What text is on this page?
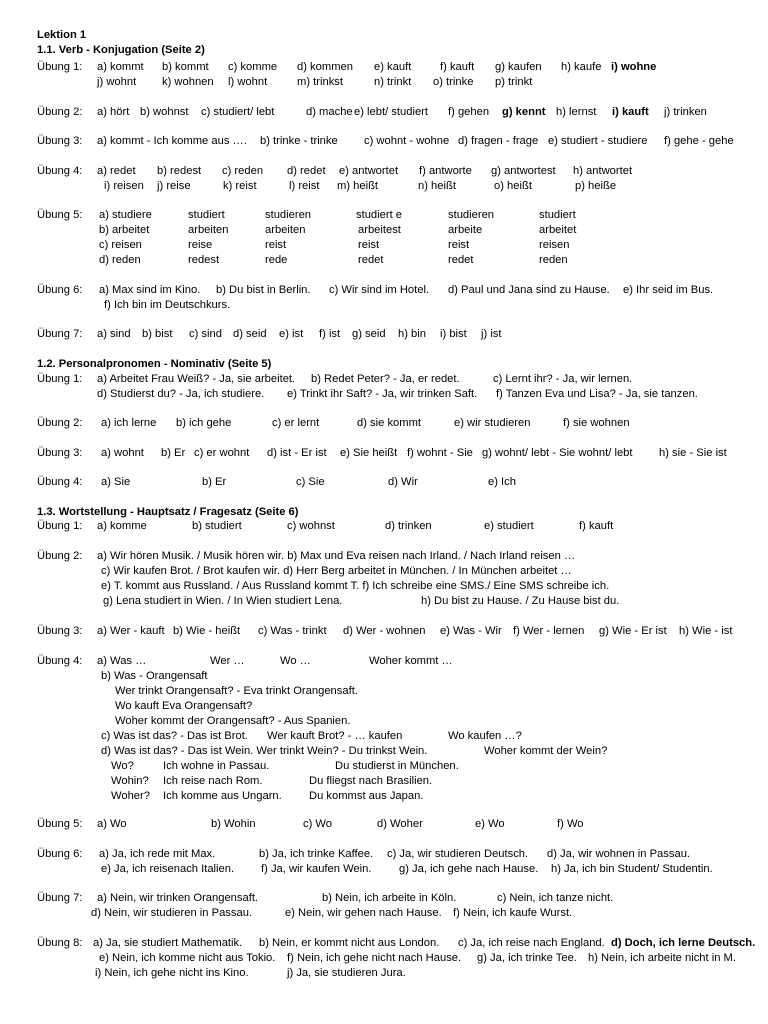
Lektion 1
1.1. Verb - Konjugation (Seite 2)
Übung 1: a) kommt b) kommt c) komme d) kommen e) kauft	f) kauft g) kaufen h) kaufe i) wohne
j) wohnt k) wohnen l) wohnt	m) trinkst	n) trinkt o) trinke p) trinkt
Übung 2: a) hört b) wohnst c) studiert/ lebt	d) mache e) lebt/ studiert f) gehen g) kennt h) lernst i) kauft j) trinken
Übung 3: a) kommt - Ich komme aus …. b) trinke - trinke c) wohnt - wohne d) fragen - frage e) studiert - studiere f) gehe - gehe
Übung 4: a) redet b) redest c) reden d) redet e) antwortet f) antworte g) antwortest h) antwortet
i) reisen j) reise	k) reist	l) reist m) heißt	n) heißt	o) heißt	p) heiße
Übung 5: a) studiere	studiert	studieren	studiert e	studieren	studiert
b) arbeitet	arbeiten	arbeiten	arbeitest	arbeite	arbeitet
c) reisen	reise	reist	reist	reist	reisen
d) reden	redest	rede	redet	redet	reden
Übung 6: a) Max sind im Kino. b) Du bist in Berlin. c) Wir sind im Hotel. d) Paul und Jana sind zu Hause. e) Ihr seid im Bus.
f) Ich bin im Deutschkurs.
Übung 7: a) sind b) bist c) sind d) seid e) ist f) ist g) seid h) bin i) bist j) ist
1.2. Personalpronomen - Nominativ (Seite 5)
Übung 1: a) Arbeitet Frau Weiß? - Ja, sie arbeitet. b) Redet Peter? - Ja, er redet.	c) Lernt ihr? - Ja, wir lernen.
d) Studierst du? - Ja, ich studiere. e) Trinkt ihr Saft? - Ja, wir trinken Saft. f) Tanzen Eva und Lisa? - Ja, sie tanzen.
Übung 2: a) ich lerne b) ich gehe	c) er lernt	d) sie kommt	e) wir studieren	f) sie wohnen
Übung 3: a) wohnt b) Er c) er wohnt d) ist - Er ist e) Sie heißt f) wohnt - Sie g) wohnt/ lebt - Sie wohnt/ lebt h) sie - Sie ist
Übung 4: a) Sie	b) Er	c) Sie	d) Wir	e) Ich
1.3. Wortstellung - Hauptsatz / Fragesatz (Seite 6)
Übung 1: a) komme	b) studiert	c) wohnst	d) trinken	e) studiert	f) kauft
Übung 2: a) Wir hören Musik. / Musik hören wir. b) Max und Eva reisen nach Irland. / Nach Irland reisen …
c) Wir kaufen Brot. / Brot kaufen wir. d) Herr Berg arbeitet in München. / In München arbeitet …
e) T. kommt aus Russland. / Aus Russland kommt T. f) Ich schreibe eine SMS./ Eine SMS schreibe ich.
g) Lena studiert in Wien. / In Wien studiert Lena.	h) Du bist zu Hause. / Zu Hause bist du.
Übung 3: a) Wer - kauft b) Wie - heißt c) Was - trinkt d) Wer - wohnen e) Was - Wir f) Wer - lernen g) Wie - Er ist h) Wie - ist
Übung 4: a) Was …	Wer …	Wo …	Woher kommt …
b) Was - Orangensaft
Wer trinkt Orangensaft? - Eva trinkt Orangensaft.
Wo kauft Eva Orangensaft?
Woher kommt der Orangensaft? - Aus Spanien.
c) Was ist das? - Das ist Brot. Wer kauft Brot? - … kaufen	Wo kaufen …?
d) Was ist das? - Das ist Wein. Wer trinkt Wein? - Du trinkst Wein.	Woher kommt der Wein?
Wo?	Ich wohne in Passau.	Du studierst in München.
Wohin? Ich reise nach Rom.	Du fliegst nach Brasilien.
Woher? Ich komme aus Ungarn. Du kommst aus Japan.
Übung 5: a) Wo	b) Wohin	c) Wo	d) Woher	e) Wo	f) Wo
Übung 6: a) Ja, ich rede mit Max.	b) Ja, ich trinke Kaffee. c) Ja, wir studieren Deutsch. d) Ja, wir wohnen in Passau.
e) Ja, ich reisenach Italien. f) Ja, wir kaufen Wein. g) Ja, ich gehe nach Hause. h) Ja, ich bin Student/ Studentin.
Übung 7: a) Nein, wir trinken Orangensaft.	b) Nein, ich arbeite in Köln.	c) Nein, ich tanze nicht.
d) Nein, wir studieren in Passau.	e) Nein, wir gehen nach Hause. f) Nein, ich kaufe Wurst.
Übung 8: a) Ja, sie studiert Mathematik. b) Nein, er kommt nicht aus London. c) Ja, ich reise nach England. d) Doch, ich lerne Deutsch.
e) Nein, ich komme nicht aus Tokio. f) Nein, ich gehe nicht nach Hause. g) Ja, ich trinke Tee. h) Nein, ich arbeite nicht in M.
i) Nein, ich gehe nicht ins Kino.	j) Ja, sie studieren Jura.
